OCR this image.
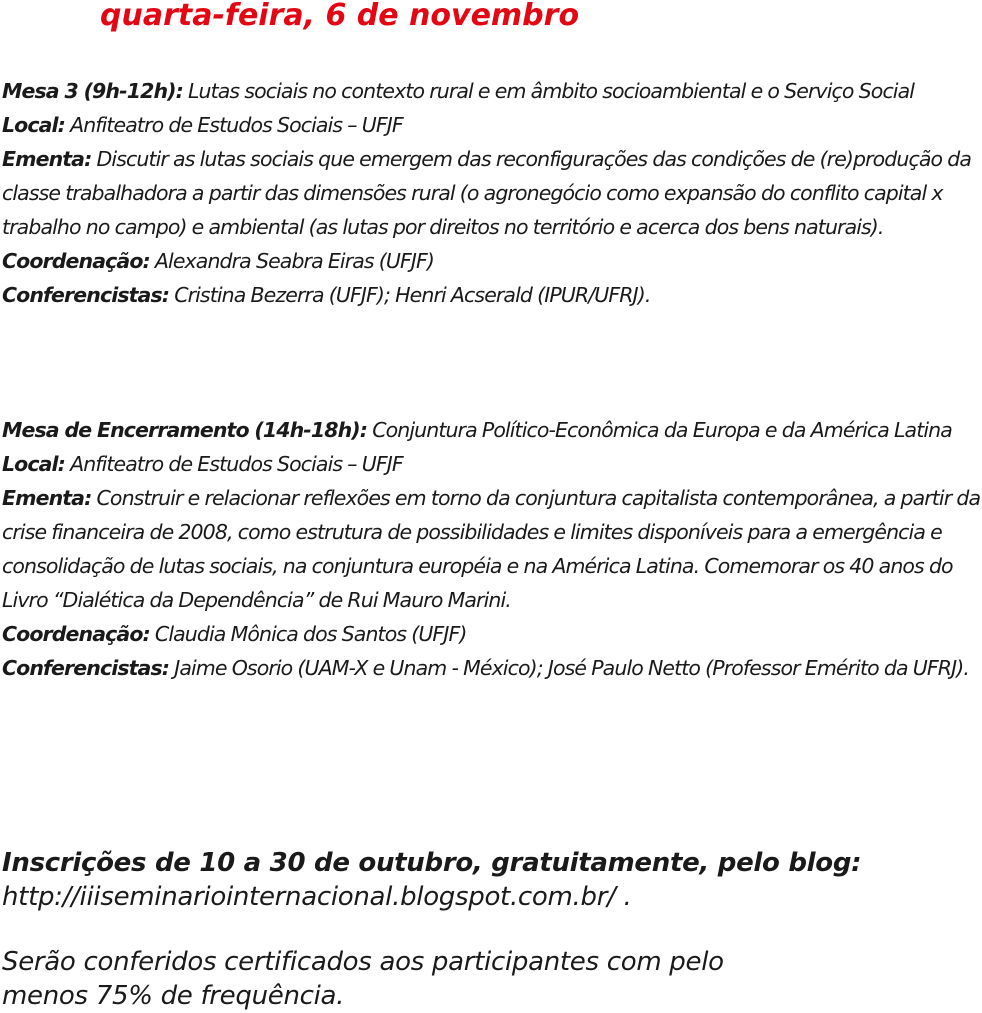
quarta-feira, 6 de novembro

Mesa 3 (9h-12h): Lutas sociais no contexto rural e em âmbito socioambiental e o Serviço Social

Local: Anfiteatro de Estudos Sociais – UFJF

Ementa: Discutir as lutas sociais que emergem das reconfigurações das condições de (re)produção da classe trabalhadora a partir das dimensões rural (o agronegócio como expansão do conflito capital x trabalho no campo) e ambiental (as lutas por direitos no território e acerca dos bens naturais).

Coordenação: Alexandra Seabra Eiras (UFJF)

Conferencistas: Cristina Bezerra (UFJF); Henri Acserald (IPUR/UFRJ).

Mesa de Encerramento (14h-18h): Conjuntura Político-Econômica da Europa e da América Latina

Local: Anfiteatro de Estudos Sociais – UFJF

Ementa: Construir e relacionar reflexões em torno da conjuntura capitalista contemporânea, a partir da crise financeira de 2008, como estrutura de possibilidades e limites disponíveis para a emergência e consolidação de lutas sociais, na conjuntura européia e na América Latina. Comemorar os 40 anos do Livro “Dialética da Dependência” de Rui Mauro Marini.

Coordenação: Claudia Mônica dos Santos (UFJF)

Conferencistas: Jaime Osorio (UAM-X e Unam - México); José Paulo Netto (Professor Emérito da UFRJ).

Inscrições de 10 a 30 de outubro, gratuitamente, pelo blog:

http://iiiseminariointernacional.blogspot.com.br/ .

Serão conferidos certificados aos participantes com pelo menos 75% de frequência.
